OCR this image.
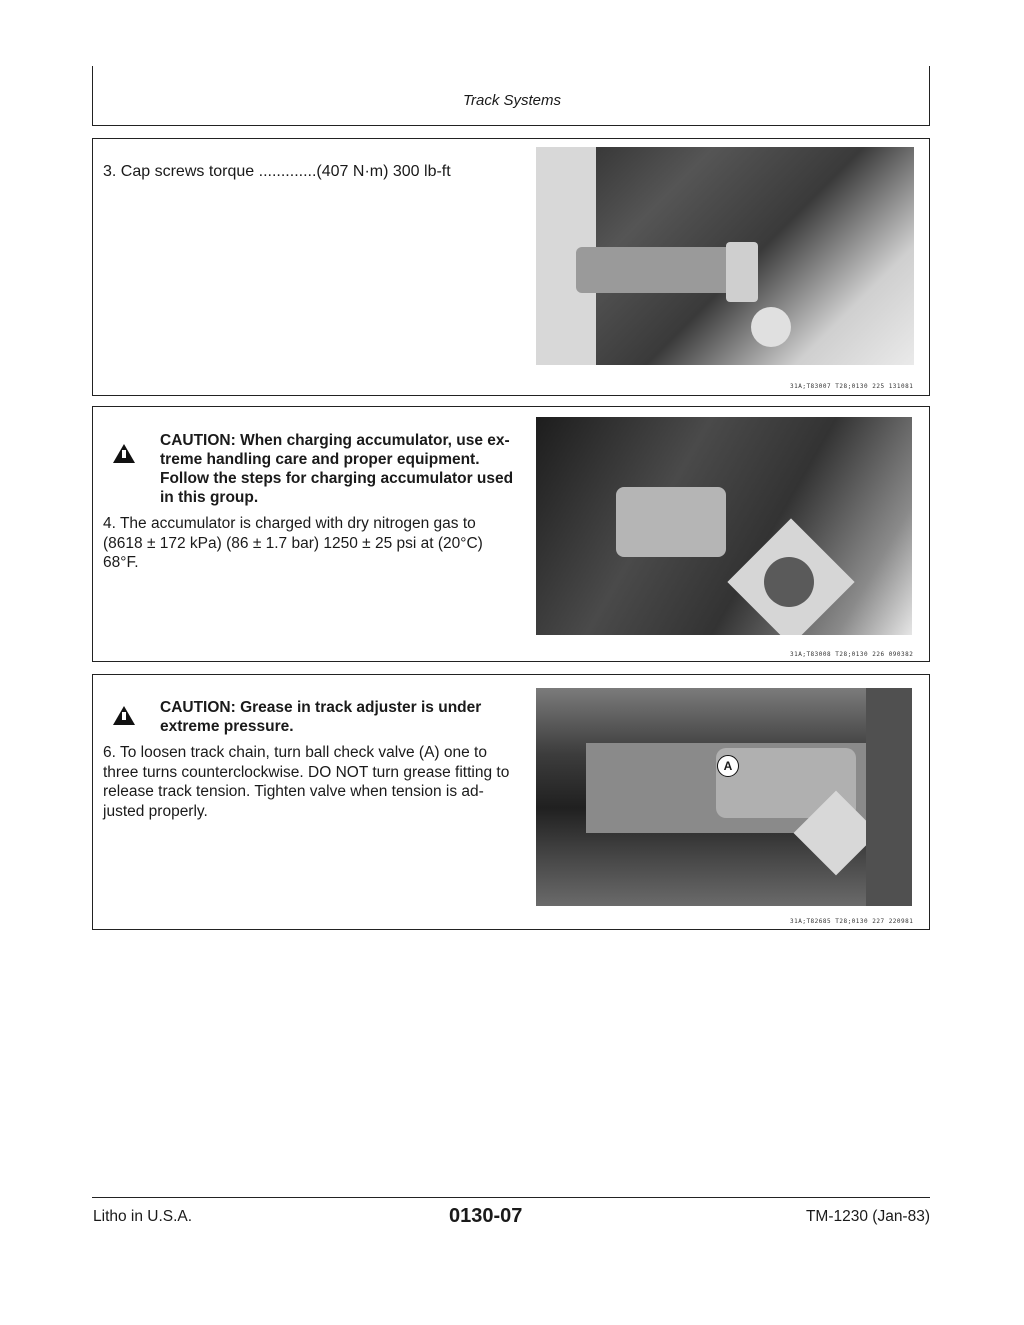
Track Systems
3. Cap screws torque .............(407 N·m) 300 lb-ft
31A;T83007 T28;0130 225 131081
CAUTION: When charging accumulator, use ex-
treme handling care and proper equipment.
Follow the steps for charging accumulator used
in this group.
4. The accumulator is charged with dry nitrogen gas to
(8618 ± 172 kPa) (86 ± 1.7 bar) 1250 ± 25 psi at (20°C)
68°F.
31A;T83008 T28;0130 226 090382
CAUTION: Grease in track adjuster is under
extreme pressure.
6. To loosen track chain, turn ball check valve (A) one to
three turns counterclockwise. DO NOT turn grease fitting to
release track tension. Tighten valve when tension is ad-
justed properly.
A
31A;T82685 T28;0130 227 220981
Litho in U.S.A.	0130-07	TM-1230 (Jan-83)
